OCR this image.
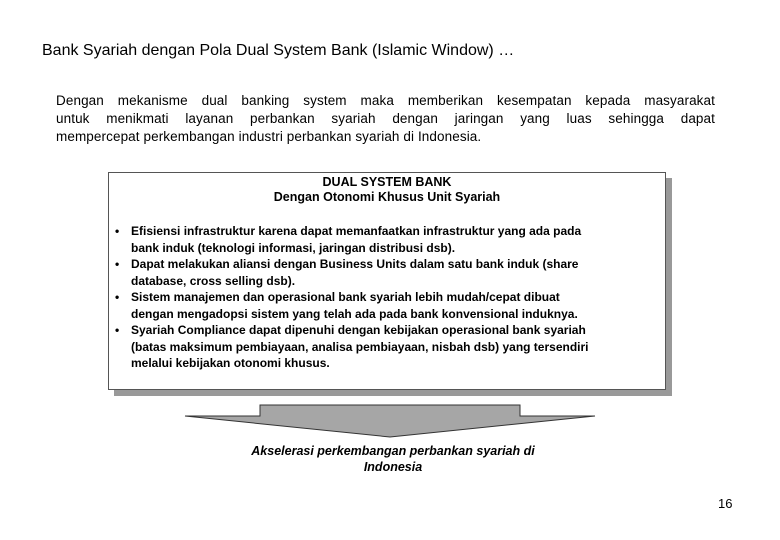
Bank Syariah dengan Pola Dual System Bank (Islamic Window) …
Dengan mekanisme dual banking system maka memberikan kesempatan kepada masyarakat
untuk menikmati layanan perbankan syariah dengan jaringan yang luas sehingga dapat
mempercepat perkembangan industri perbankan syariah di Indonesia.
DUAL SYSTEM BANK
Dengan Otonomi Khusus Unit Syariah
• Efisiensi infrastruktur karena dapat memanfaatkan infrastruktur yang ada pada
bank induk (teknologi informasi, jaringan distribusi dsb).
• Dapat melakukan aliansi dengan Business Units dalam satu bank induk (share
database, cross selling dsb).
• Sistem manajemen dan operasional bank syariah lebih mudah/cepat dibuat
dengan mengadopsi sistem yang telah ada pada bank konvensional induknya.
• Syariah Compliance dapat dipenuhi dengan kebijakan operasional bank syariah
(batas maksimum pembiayaan, analisa pembiayaan, nisbah dsb) yang tersendiri
melalui kebijakan otonomi khusus.
Akselerasi perkembangan perbankan syariah di
Indonesia
16
